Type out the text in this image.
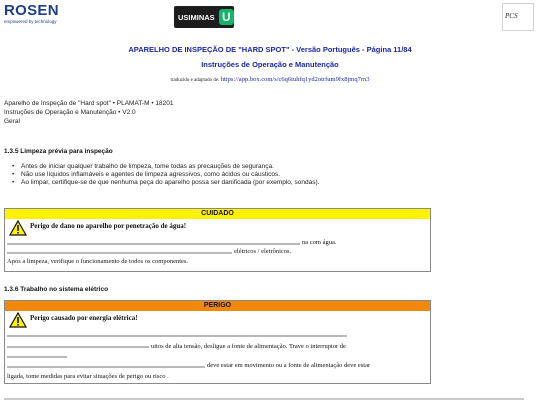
ROSEN
empowered by technology	USIMINAS U	PCS
APARELHO DE INSPEÇÃO DE "HARD SPOT" - Versão Português - Página 11/84
Instruções de Operação e Manutenção
traduzido e adaptado de: https://app.box.com/s/c6q6tuhfq1yd2otrfum9fx8jmq7rn3
Aparelho de Inspeção de "Hard spot" • PLAMAT-M • 18201
Instruções de Operação e Manutenção • V2.0
Geral
1.3.5 Limpeza prévia para inspeção
• Antes de iniciar qualquer trabalho de limpeza, tome todas as precauções de segurança.
• Não use líquidos inflamáveis e agentes de limpeza agressivos, como ácidos ou cáusticos.
• Ao limpar, certifique-se de que nenhuma peça do aparelho possa ser danificada (por exemplo, sondas).
CUIDADO
Perigo de dano no aparelho por penetração de água!
na com água.
elétricos / eletrônicos.
Após a limpeza, verifique o funcionamento de todos os componentes.
1.3.6 Trabalho no sistema elétrico
PERIGO
Perigo causado por energia elétrica!
uitos de alta tensão, desligue a fonte de alimentação. Trave o interruptor de
deve estar em movimento ou a fonte de alimentação deve estar
ligada, tome medidas para evitar situações de perigo ou risco .
